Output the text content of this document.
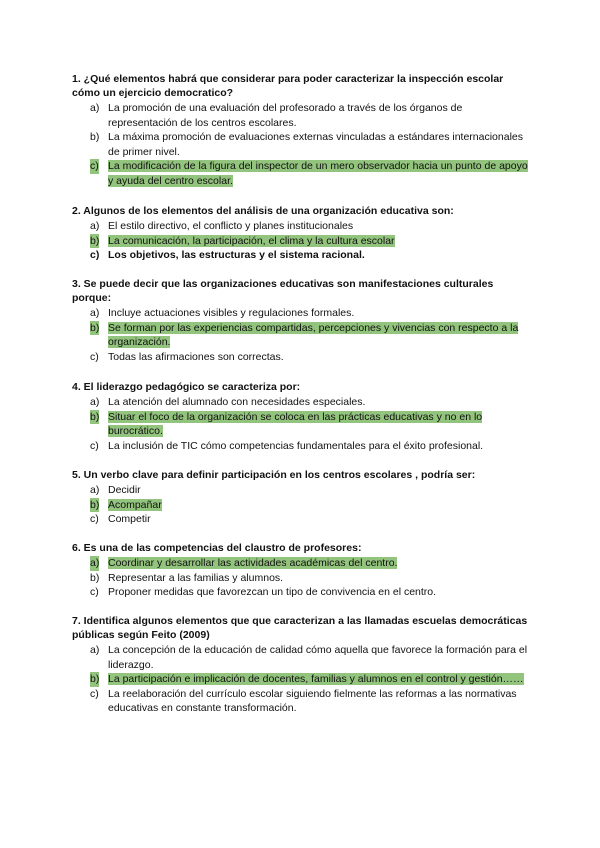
1. ¿Qué elementos habrá que considerar para poder caracterizar la inspección escolar cómo un ejercicio democratico?

a) La promoción de una evaluación del profesorado a través de los órganos de representación de los centros escolares.
b) La máxima promoción de evaluaciones externas vinculadas a estándares internacionales de primer nivel.
c) La modificación de la figura del inspector de un mero observador hacia un punto de apoyo y ayuda del centro escolar.

2. Algunos de los elementos del análisis de una organización educativa son:

a) El estilo directivo, el conflicto y planes institucionales
b) La comunicación, la participación, el clima y la cultura escolar
c) Los objetivos, las estructuras y el sistema racional.

3. Se puede decir que las organizaciones educativas son manifestaciones culturales porque:

a) Incluye actuaciones visibles y regulaciones formales.
b) Se forman por las experiencias compartidas, percepciones y vivencias con respecto a la organización.
c) Todas las afirmaciones son correctas.

4. El liderazgo pedagógico se caracteriza por:

a) La atención del alumnado con necesidades especiales.
b) Situar el foco de la organización se coloca en las prácticas educativas y no en lo burocrático.
c) La inclusión de TIC cómo competencias fundamentales para el éxito profesional.

5. Un verbo clave para definir participación en los centros escolares , podría ser:

a) Decidir
b) Acompañar
c) Competir

6. Es una de las competencias del claustro de profesores:

a) Coordinar y desarrollar las actividades académicas del centro.
b) Representar a las familias y alumnos.
c) Proponer medidas que favorezcan un tipo de convivencia en el centro.

7. Identifica algunos elementos que que caracterizan a las llamadas escuelas democráticas públicas según Feito (2009)

a) La concepción de la educación de calidad cómo aquella que favorece la formación para el liderazgo.
b) La participación e implicación de docentes, familias y alumnos en el control y gestión……
c) La reelaboración del currículo escolar siguiendo fielmente las reformas a las normativas educativas en constante transformación.
